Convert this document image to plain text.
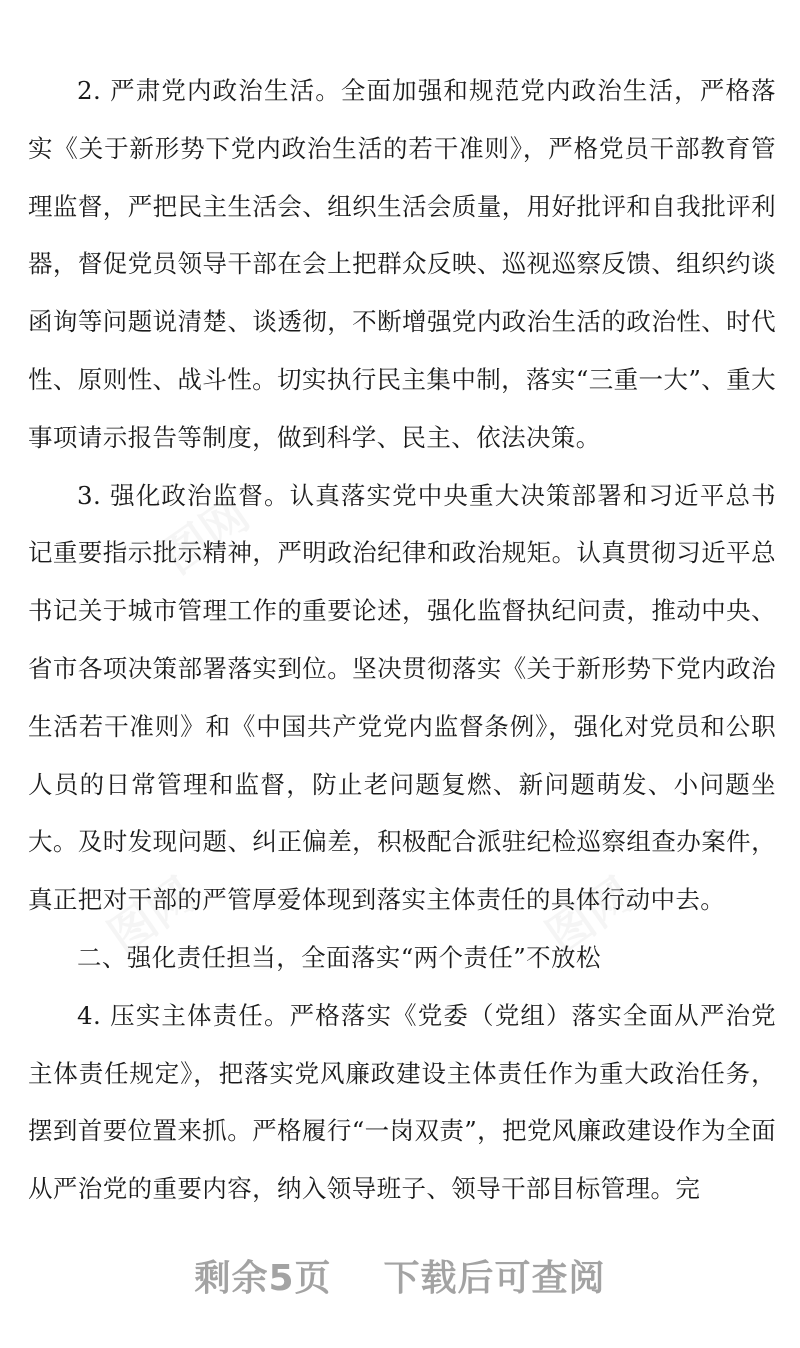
2. 严肃党内政治生活。全面加强和规范党内政治生活，严格落实《关于新形势下党内政治生活的若干准则》，严格党员干部教育管理监督，严把民主生活会、组织生活会质量，用好批评和自我批评利器，督促党员领导干部在会上把群众反映、巡视巡察反馈、组织约谈函询等问题说清楚、谈透彻，不断增强党内政治生活的政治性、时代性、原则性、战斗性。切实执行民主集中制，落实“三重一大”、重大事项请示报告等制度，做到科学、民主、依法决策。

3. 强化政治监督。认真落实党中央重大决策部署和习近平总书记重要指示批示精神，严明政治纪律和政治规矩。认真贯彻习近平总书记关于城市管理工作的重要论述，强化监督执纪问责，推动中央、省市各项决策部署落实到位。坚决贯彻落实《关于新形势下党内政治生活若干准则》和《中国共产党党内监督条例》，强化对党员和公职人员的日常管理和监督，防止老问题复燃、新问题萌发、小问题坐大。及时发现问题、纠正偏差，积极配合派驻纪检巡察组查办案件，真正把对干部的严管厚爱体现到落实主体责任的具体行动中去。

二、强化责任担当，全面落实“两个责任”不放松

4. 压实主体责任。严格落实《党委（党组）落实全面从严治党主体责任规定》，把落实党风廉政建设主体责任作为重大政治任务，摆到首要位置来抓。严格履行“一岗双责”，把党风廉政建设作为全面从严治党的重要内容，纳入领导班子、领导干部目标管理。完

剩余5页 下载后可查阅
